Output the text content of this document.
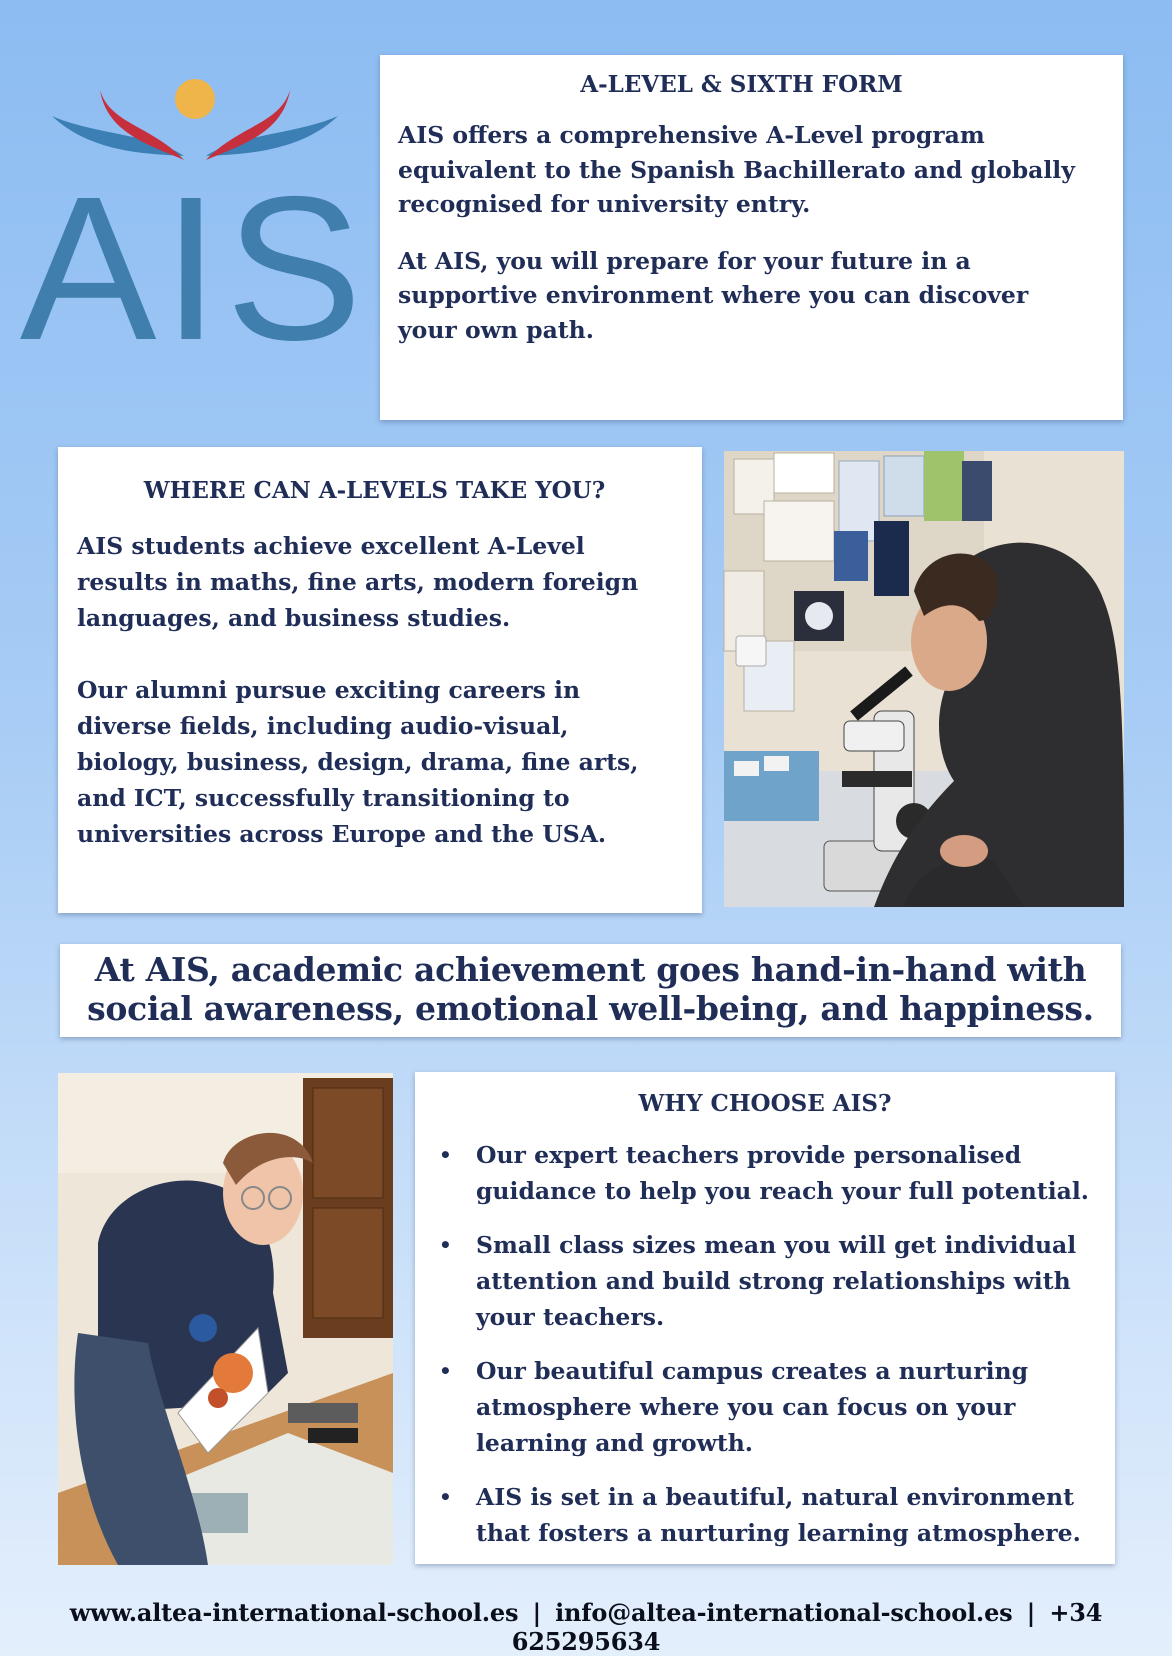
AIS

A-LEVEL & SIXTH FORM

AIS offers a comprehensive A-Level program equivalent to the Spanish Bachillerato and globally recognised for university entry.

At AIS, you will prepare for your future in a supportive environment where you can discover your own path.

WHERE CAN A-LEVELS TAKE YOU?

AIS students achieve excellent A-Level results in maths, fine arts, modern foreign languages, and business studies.

Our alumni pursue exciting careers in diverse fields, including audio-visual, biology, business, design, drama, fine arts, and ICT, successfully transitioning to universities across Europe and the USA.

At AIS, academic achievement goes hand-in-hand with

social awareness, emotional well-being, and happiness.

WHY CHOOSE AIS?

• Our expert teachers provide personalised guidance to help you reach your full potential.
• Small class sizes mean you will get individual attention and build strong relationships with your teachers.
• Our beautiful campus creates a nurturing atmosphere where you can focus on your learning and growth.
• AIS is set in a beautiful, natural environment that fosters a nurturing learning atmosphere.
www.altea-international-school.es | info@altea-international-school.es | +34 625295634
